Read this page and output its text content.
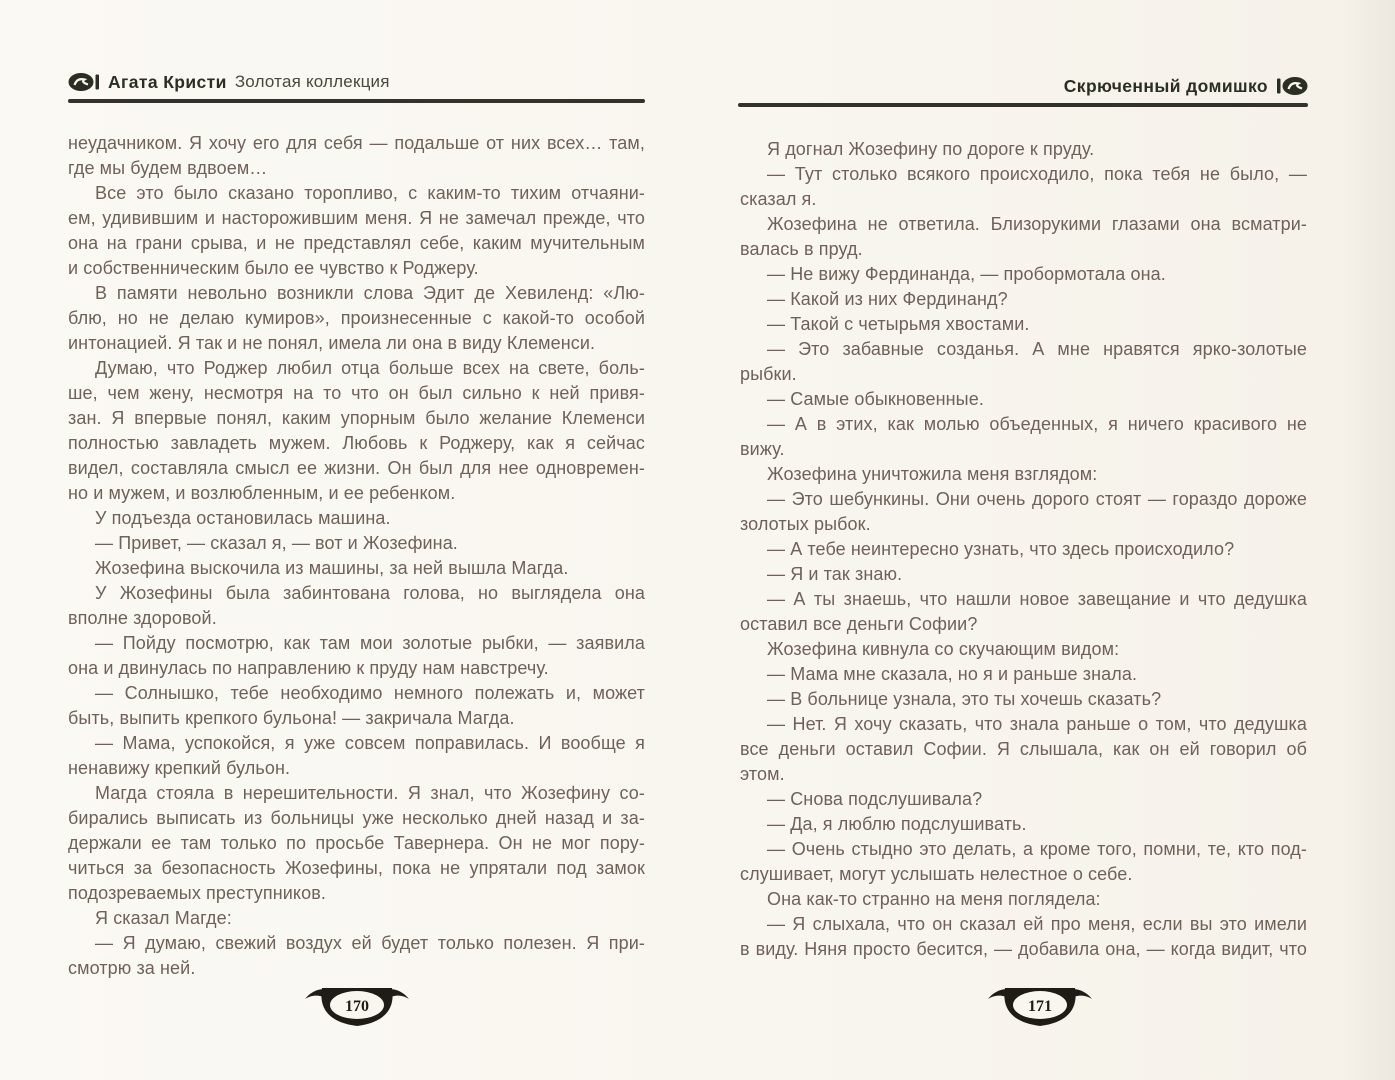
Агата Кристи Золотая коллекция	Скрюченный домишко
неудачником. Я хочу его для себя — подальше от них всех… там,
где мы будем вдвоем…
Все это было сказано торопливо, с каким-то тихим отчаяни-
ем, удивившим и насторожившим меня. Я не замечал прежде, что
она на грани срыва, и не представлял себе, каким мучительным
и собственническим было ее чувство к Роджеру.
В памяти невольно возникли слова Эдит де Хевиленд: «Лю-
блю, но не делаю кумиров», произнесенные с какой-то особой
интонацией. Я так и не понял, имела ли она в виду Клеменси.
Думаю, что Роджер любил отца больше всех на свете, боль-
ше, чем жену, несмотря на то что он был сильно к ней привя-
зан. Я впервые понял, каким упорным было желание Клеменси
полностью завладеть мужем. Любовь к Роджеру, как я сейчас
видел, составляла смысл ее жизни. Он был для нее одновремен-
но и мужем, и возлюбленным, и ее ребенком.
У подъезда остановилась машина.
— Привет, — сказал я, — вот и Жозефина.
Жозефина выскочила из машины, за ней вышла Магда.
У Жозефины была забинтована голова, но выглядела она
вполне здоровой.
— Пойду посмотрю, как там мои золотые рыбки, — заявила
она и двинулась по направлению к пруду нам навстречу.
— Солнышко, тебе необходимо немного полежать и, может
быть, выпить крепкого бульона! — закричала Магда.
— Мама, успокойся, я уже совсем поправилась. И вообще я
ненавижу крепкий бульон.
Магда стояла в нерешительности. Я знал, что Жозефину со-
бирались выписать из больницы уже несколько дней назад и за-
держали ее там только по просьбе Тавернера. Он не мог пору-
читься за безопасность Жозефины, пока не упрятали под замок
подозреваемых преступников.
Я сказал Магде:
— Я думаю, свежий воздух ей будет только полезен. Я при-
смотрю за ней.
Я догнал Жозефину по дороге к пруду.
— Тут столько всякого происходило, пока тебя не было, —
сказал я.
Жозефина не ответила. Близорукими глазами она всматри-
валась в пруд.
— Не вижу Фердинанда, — пробормотала она.
— Какой из них Фердинанд?
— Такой с четырьмя хвостами.
— Это забавные созданья. А мне нравятся ярко-золотые
рыбки.
— Самые обыкновенные.
— А в этих, как молью объеденных, я ничего красивого не
вижу.
Жозефина уничтожила меня взглядом:
— Это шебункины. Они очень дорого стоят — гораздо дороже
золотых рыбок.
— А тебе неинтересно узнать, что здесь происходило?
— Я и так знаю.
— А ты знаешь, что нашли новое завещание и что дедушка
оставил все деньги Софии?
Жозефина кивнула со скучающим видом:
— Мама мне сказала, но я и раньше знала.
— В больнице узнала, это ты хочешь сказать?
— Нет. Я хочу сказать, что знала раньше о том, что дедушка
все деньги оставил Софии. Я слышала, как он ей говорил об
этом.
— Снова подслушивала?
— Да, я люблю подслушивать.
— Очень стыдно это делать, а кроме того, помни, те, кто под-
слушивает, могут услышать нелестное о себе.
Она как-то странно на меня поглядела:
— Я слыхала, что он сказал ей про меня, если вы это имели
в виду. Няня просто бесится, — добавила она, — когда видит, что
170	171
